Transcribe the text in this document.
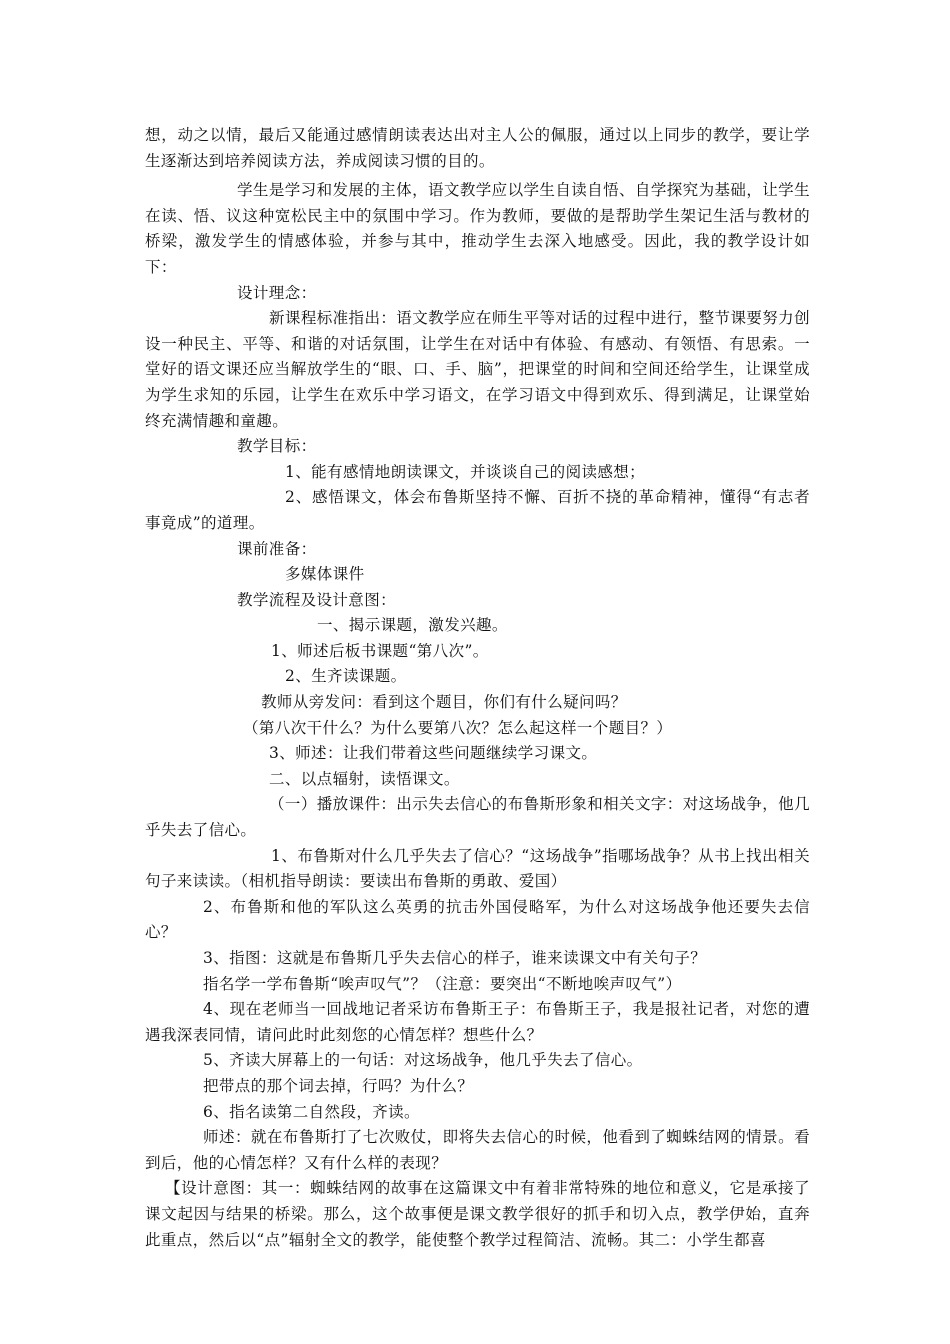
想，动之以情，最后又能通过感情朗读表达出对主人公的佩服，通过以上同步的教学，要让学生逐渐达到培养阅读方法，养成阅读习惯的目的。

学生是学习和发展的主体，语文教学应以学生自读自悟、自学探究为基础，让学生在读、悟、议这种宽松民主中的氛围中学习。作为教师，要做的是帮助学生架记生活与教材的桥梁，激发学生的情感体验，并参与其中，推动学生去深入地感受。因此，我的教学设计如下：

设计理念：

新课程标准指出：语文教学应在师生平等对话的过程中进行，整节课要努力创设一种民主、平等、和谐的对话氛围，让学生在对话中有体验、有感动、有领悟、有思索。一堂好的语文课还应当解放学生的“眼、口、手、脑”，把课堂的时间和空间还给学生，让课堂成为学生求知的乐园，让学生在欢乐中学习语文，在学习语文中得到欢乐、得到满足，让课堂始终充满情趣和童趣。

教学目标：

1、能有感情地朗读课文，并谈谈自己的阅读感想；

2、感悟课文，体会布鲁斯坚持不懈、百折不挠的革命精神，懂得“有志者事竟成”的道理。

课前准备：

多媒体课件

教学流程及设计意图：

一、揭示课题，激发兴趣。

1、师述后板书课题“第八次”。

2、生齐读课题。

教师从旁发问：看到这个题目，你们有什么疑问吗？

（第八次干什么？为什么要第八次？怎么起这样一个题目？）

3、师述：让我们带着这些问题继续学习课文。

二、以点辐射，读悟课文。

（一）播放课件：出示失去信心的布鲁斯形象和相关文字：对这场战争，他几乎失去了信心。

1、布鲁斯对什么几乎失去了信心？“这场战争”指哪场战争？从书上找出相关句子来读读。（相机指导朗读：要读出布鲁斯的勇敢、爱国）

2、布鲁斯和他的军队这么英勇的抗击外国侵略军，为什么对这场战争他还要失去信心？

3、指图：这就是布鲁斯几乎失去信心的样子，谁来读课文中有关句子？

指名学一学布鲁斯“唉声叹气”？（注意：要突出“不断地唉声叹气”）

4、现在老师当一回战地记者采访布鲁斯王子：布鲁斯王子，我是报社记者，对您的遭遇我深表同情，请问此时此刻您的心情怎样？想些什么？

5、齐读大屏幕上的一句话：对这场战争，他几乎失去了信心。

把带点的那个词去掉，行吗？为什么？

6、指名读第二自然段，齐读。

师述：就在布鲁斯打了七次败仗，即将失去信心的时候，他看到了蜘蛛结网的情景。看到后，他的心情怎样？又有什么样的表现？

【设计意图：其一：蜘蛛结网的故事在这篇课文中有着非常特殊的地位和意义，它是承接了课文起因与结果的桥梁。那么，这个故事便是课文教学很好的抓手和切入点，教学伊始，直奔此重点，然后以“点”辐射全文的教学，能使整个教学过程简洁、流畅。其二：小学生都喜
